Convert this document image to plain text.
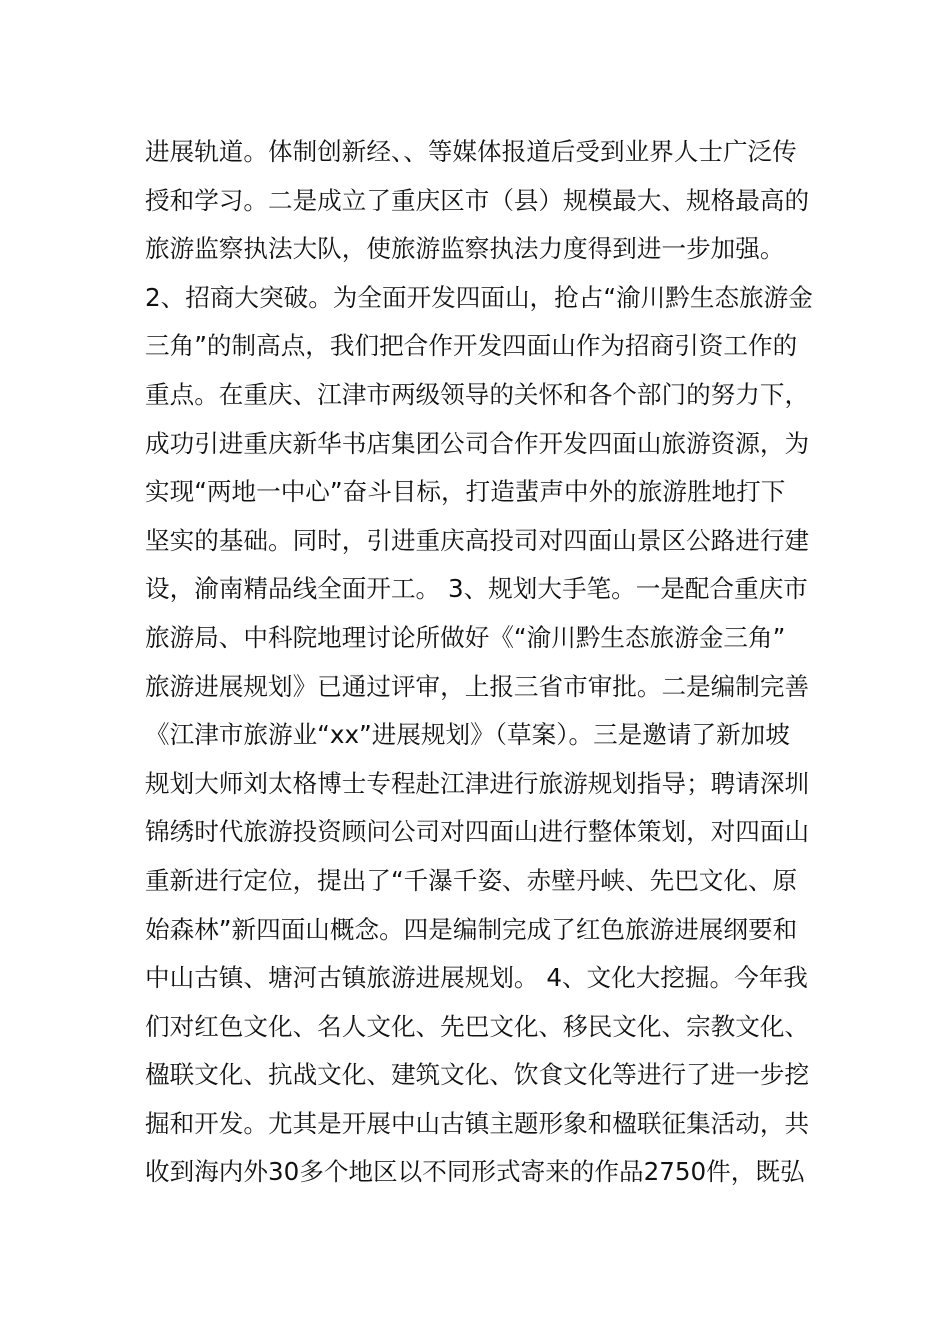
进展轨道。体制创新经、、等媒体报道后受到业界人士广泛传
授和学习。二是成立了重庆区市（县）规模最大、规格最高的
旅游监察执法大队，使旅游监察执法力度得到进一步加强。
2、招商大突破。为全面开发四面山，抢占“渝川黔生态旅游金
三角”的制高点，我们把合作开发四面山作为招商引资工作的
重点。在重庆、江津市两级领导的关怀和各个部门的努力下，
成功引进重庆新华书店集团公司合作开发四面山旅游资源，为
实现“两地一中心”奋斗目标，打造蜚声中外的旅游胜地打下
坚实的基础。同时，引进重庆高投司对四面山景区公路进行建
设，渝南精品线全面开工。 3、规划大手笔。一是配合重庆市
旅游局、中科院地理讨论所做好《“渝川黔生态旅游金三角”
旅游进展规划》已通过评审，上报三省市审批。二是编制完善
《江津市旅游业“xx”进展规划》（草案）。三是邀请了新加坡
规划大师刘太格博士专程赴江津进行旅游规划指导；聘请深圳
锦绣时代旅游投资顾问公司对四面山进行整体策划，对四面山
重新进行定位，提出了“千瀑千姿、赤壁丹峡、先巴文化、原
始森林”新四面山概念。四是编制完成了红色旅游进展纲要和
中山古镇、塘河古镇旅游进展规划。 4、文化大挖掘。今年我
们对红色文化、名人文化、先巴文化、移民文化、宗教文化、
楹联文化、抗战文化、建筑文化、饮食文化等进行了进一步挖
掘和开发。尤其是开展中山古镇主题形象和楹联征集活动，共
收到海内外30多个地区以不同形式寄来的作品2750件，既弘
